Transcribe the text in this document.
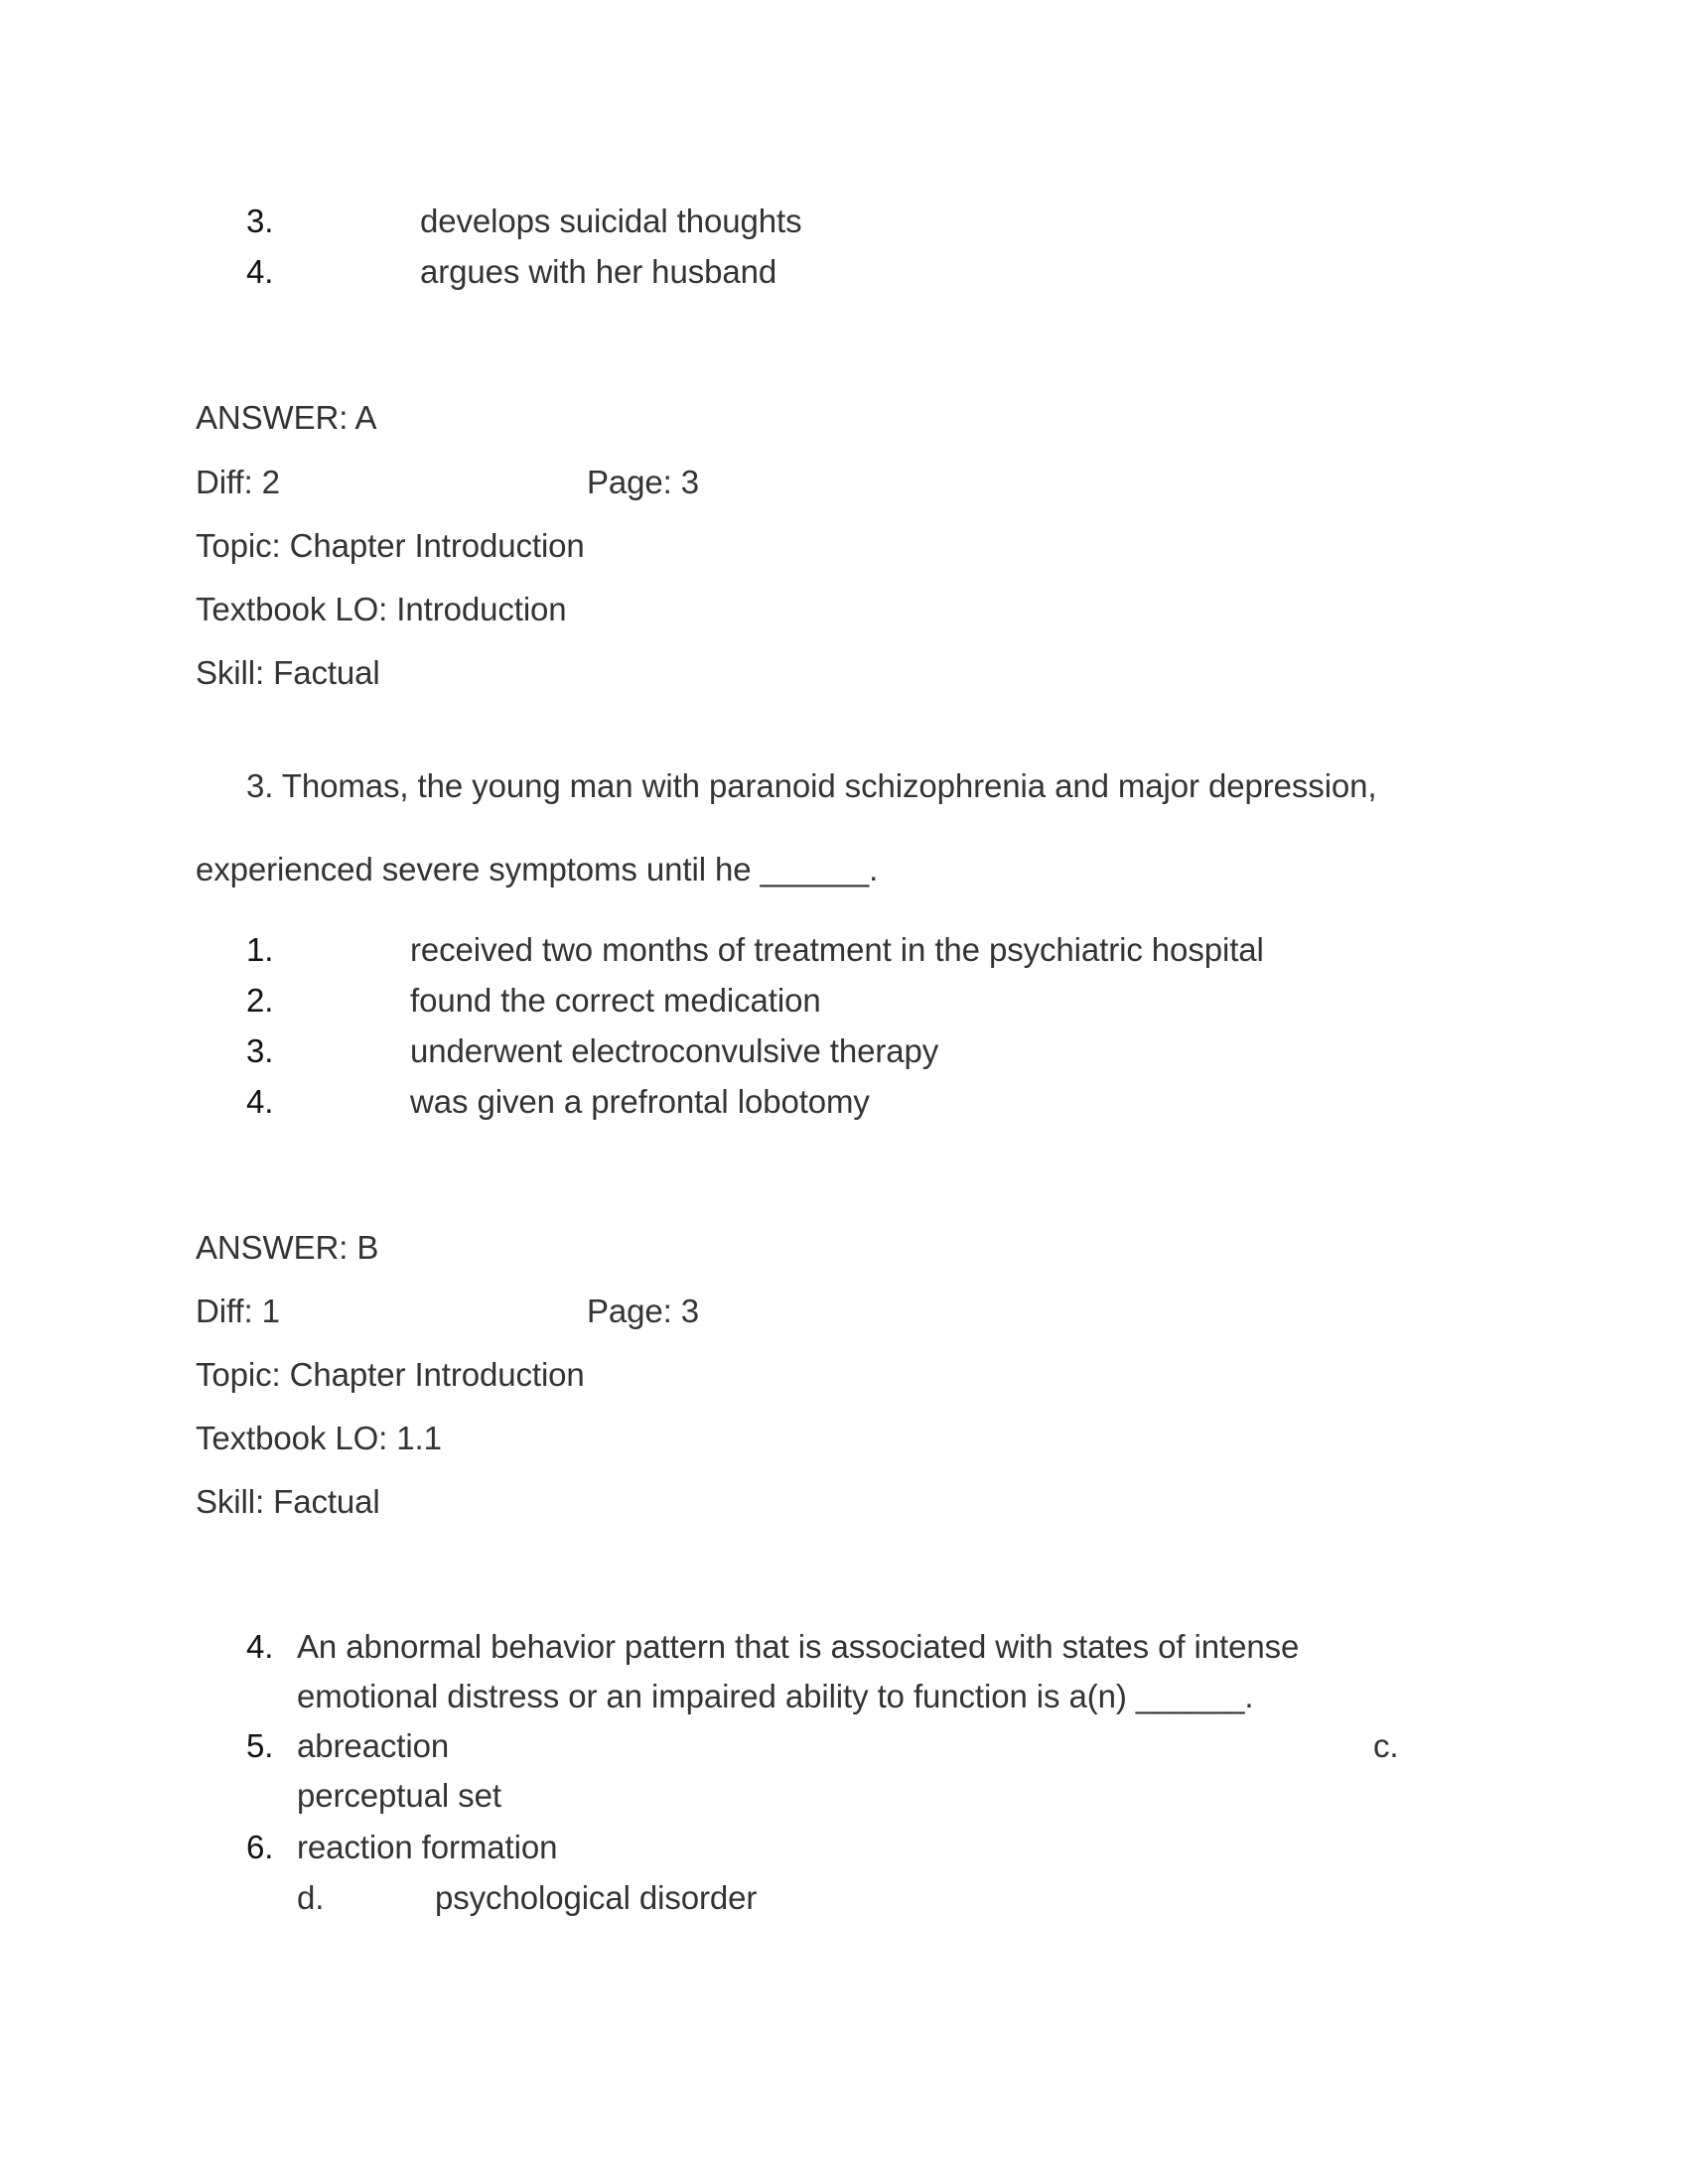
3.	develops suicidal thoughts
4.	argues with her husband
ANSWER: A
Diff: 2	Page: 3
Topic: Chapter Introduction
Textbook LO: Introduction
Skill: Factual
3. Thomas, the young man with paranoid schizophrenia and major depression,
experienced severe symptoms until he ______.
1.	received two months of treatment in the psychiatric hospital
2.	found the correct medication
3.	underwent electroconvulsive therapy
4.	was given a prefrontal lobotomy
ANSWER: B
Diff: 1	Page: 3
Topic: Chapter Introduction
Textbook LO: 1.1
Skill: Factual
4. An abnormal behavior pattern that is associated with states of intense
emotional distress or an impaired ability to function is a(n) ______.
5. abreaction	c.
perceptual set
6. reaction formation
d.	psychological disorder
